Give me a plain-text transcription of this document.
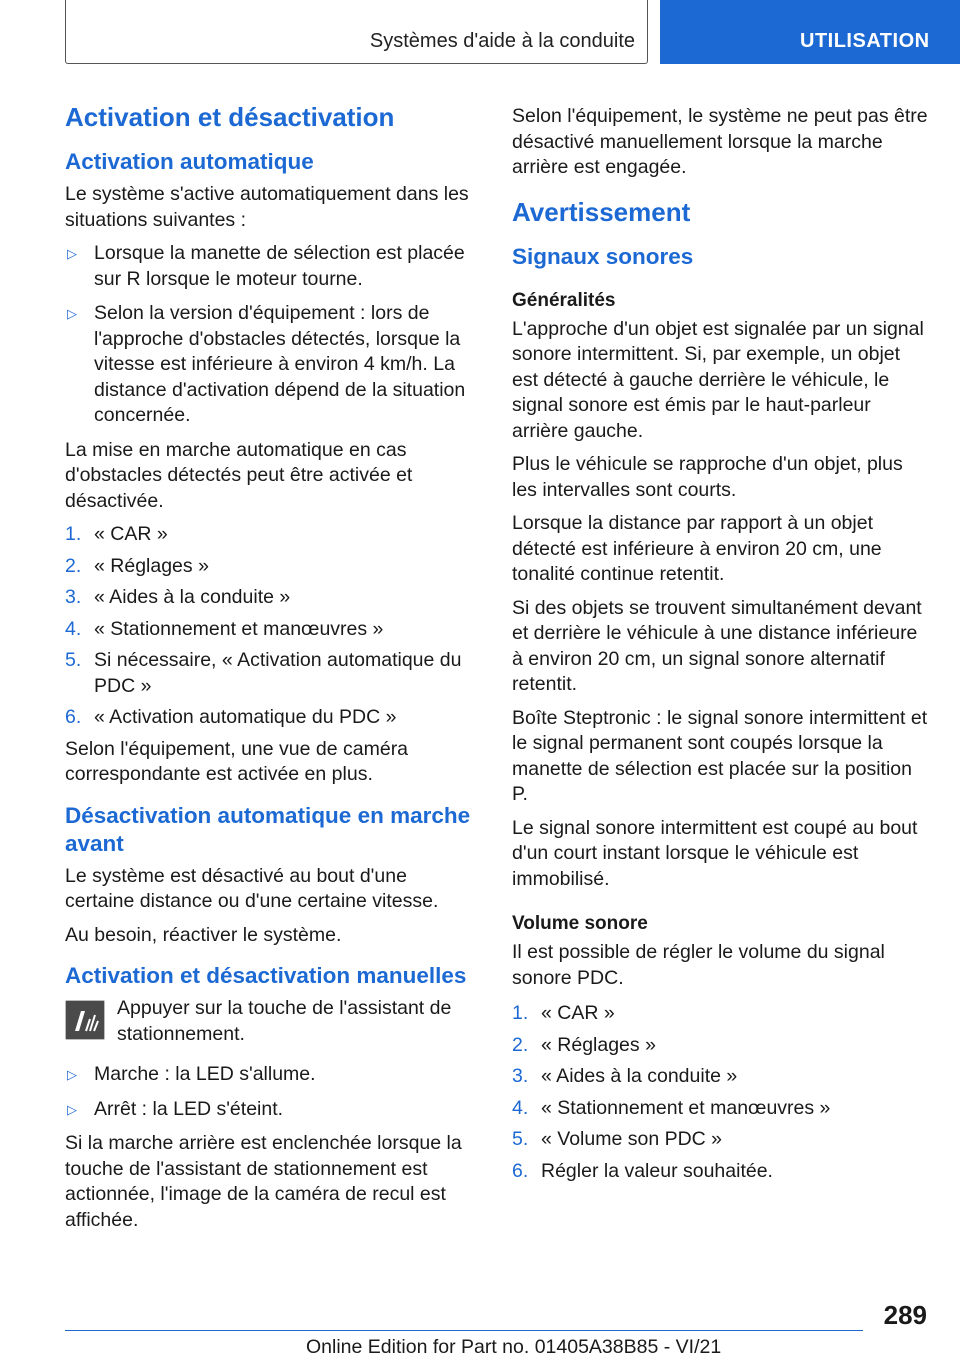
Systèmes d'aide à la conduite	UTILISATION
Activation et désactivation
Activation automatique

Le système s'active automatiquement dans les situations suivantes :

▷ Lorsque la manette de sélection est placée sur R lorsque le moteur tourne.
▷ Selon la version d'équipement : lors de l'approche d'obstacles détectés, lorsque la vitesse est inférieure à environ 4 km/h. La distance d'activation dépend de la situation concernée.

La mise en marche automatique en cas d'obstacles détectés peut être activée et désactivée.

1. « CAR »
2. « Réglages »
3. « Aides à la conduite »
4. « Stationnement et manœuvres »
5. Si nécessaire, « Activation automatique du PDC »
6. « Activation automatique du PDC »

Selon l'équipement, une vue de caméra correspondante est activée en plus.

Désactivation automatique en marche avant

Le système est désactivé au bout d'une certaine distance ou d'une certaine vitesse.

Au besoin, réactiver le système.

Activation et désactivation manuelles

Appuyer sur la touche de l'assistant de stationnement.

▷ Marche : la LED s'allume.
▷ Arrêt : la LED s'éteint.

Si la marche arrière est enclenchée lorsque la touche de l'assistant de stationnement est actionnée, l'image de la caméra de recul est affichée.

Selon l'équipement, le système ne peut pas être désactivé manuellement lorsque la marche arrière est engagée.

Avertissement
Signaux sonores
Généralités

L'approche d'un objet est signalée par un signal sonore intermittent. Si, par exemple, un objet est détecté à gauche derrière le véhicule, le signal sonore est émis par le haut-parleur arrière gauche.

Plus le véhicule se rapproche d'un objet, plus les intervalles sont courts.

Lorsque la distance par rapport à un objet détecté est inférieure à environ 20 cm, une tonalité continue retentit.

Si des objets se trouvent simultanément devant et derrière le véhicule à une distance inférieure à environ 20 cm, un signal sonore alternatif retentit.

Boîte Steptronic : le signal sonore intermittent et le signal permanent sont coupés lorsque la manette de sélection est placée sur la position P.

Le signal sonore intermittent est coupé au bout d'un court instant lorsque le véhicule est immobilisé.

Volume sonore

Il est possible de régler le volume du signal sonore PDC.

1. « CAR »
2. « Réglages »
3. « Aides à la conduite »
4. « Stationnement et manœuvres »
5. « Volume son PDC »
6. Régler la valeur souhaitée.
289
Online Edition for Part no. 01405A38B85 - VI/21
